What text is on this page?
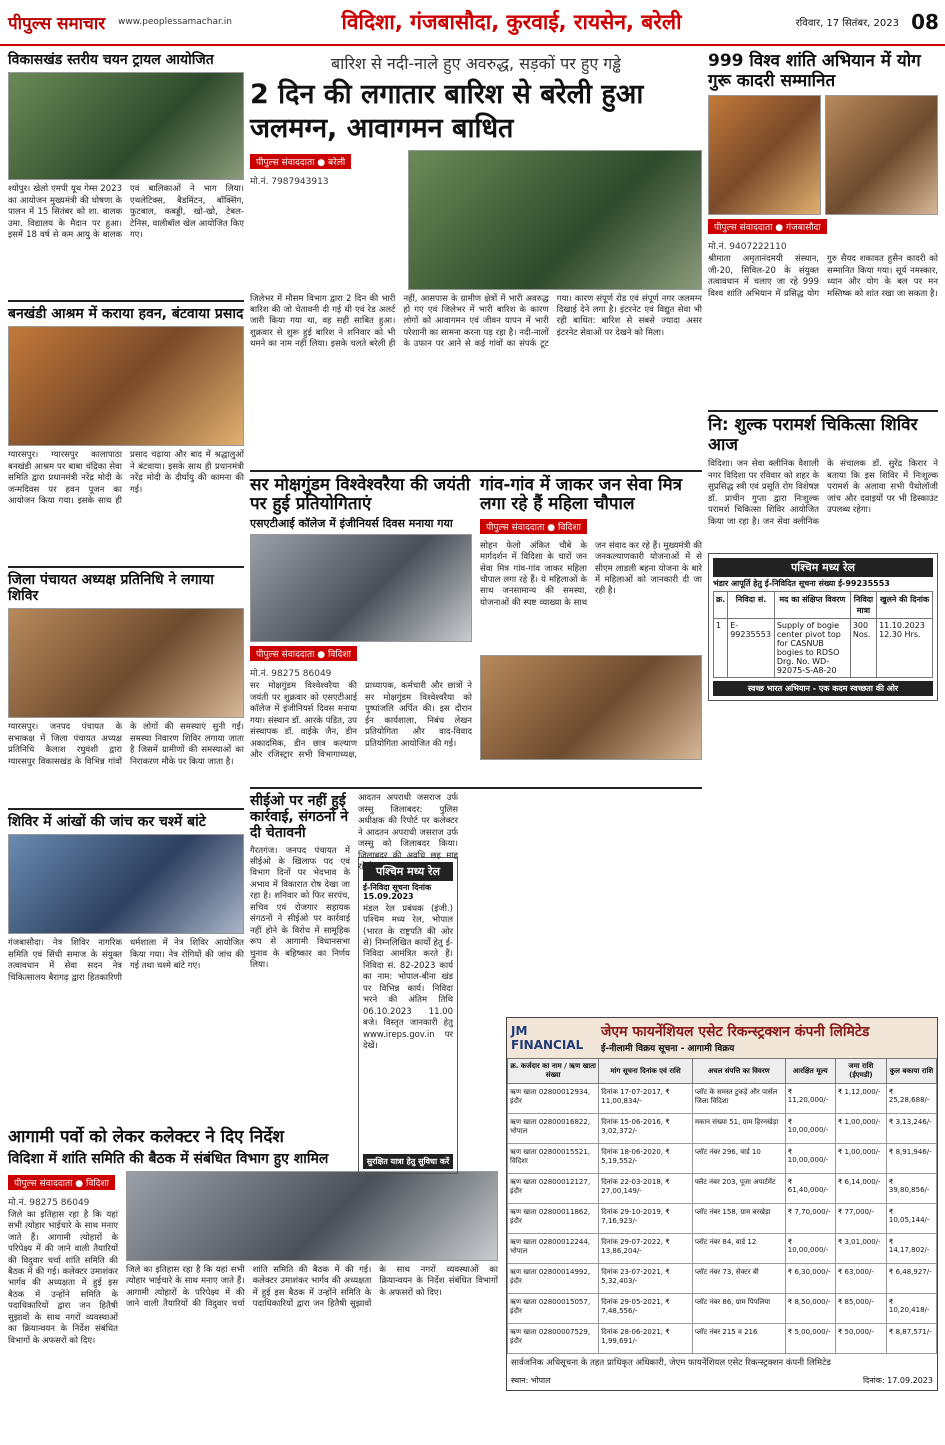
पीपुल्स समाचार	www.peoplessamachar.in	विदिशा, गंजबासौदा, कुरवाई, रायसेन, बरेली	रविवार, 17 सितंबर, 2023 08
विकासखंड स्तरीय चयन ट्रायल आयोजित
श्योपुर। खेलो एमपी यूथ गेम्स 2023 का आयोजन मुख्यमंत्री की घोषणा के पालन में 15 सितंबर को शा. बालक उमा. विद्यालय के मैदान पर हुआ। इसमें 18 वर्ष से कम आयु के बालक एवं बालिकाओं ने भाग लिया। एथलेटिक्स, बैडमिंटन, बॉक्सिंग, फुटबाल, कबड्डी, खो-खो, टेबल-टेनिस, वालीबॉल खेल आयोजित किए गए।
बनखंडी आश्रम में कराया हवन, बंटवाया प्रसाद
ग्यारसपुर। ग्यारसपुर कालापाठा बनखंडी आश्रम पर बाबा चंद्रिका सेवा समिति द्वारा प्रधानमंत्री नरेंद्र मोदी के जन्मदिवस पर हवन पूजन का आयोजन किया गया। इसके साथ ही प्रसाद चढ़ाया और बाद में श्रद्धालुओं ने बंटवाया। इसके साथ ही प्रधानमंत्री नरेंद्र मोदी के दीर्घायु की कामना की गई।
जिला पंचायत अध्यक्ष प्रतिनिधि ने लगाया शिविर
ग्यारसपुर। जनपद पंचायत के सभाकक्ष में जिला पंचायत अध्यक्ष प्रतिनिधि कैलाश रघुवंशी द्वारा ग्यारसपुर विकासखंड के विभिन्न गांवों के लोगों की समस्याएं सुनी गईं। समस्या निवारण शिविर लगाया जाता है जिसमें ग्रामीणों की समस्याओं का निराकरण मौके पर किया जाता है।
शिविर में आंखों की जांच कर चश्में बांटे
गंजबासौदा। नेत्र शिविर नागरिक समिति एवं सिंधी समाज के संयुक्त तत्वावधान में सेवा सदन नेत्र चिकित्सालय बैरागढ़ द्वारा हितकारिणी धर्मशाला में नेत्र शिविर आयोजित किया गया। नेत्र रोगियों की जांच की गई तथा चश्मे बांटे गए।
आगामी पर्वो को लेकर कलेक्टर ने दिए निर्देश
विदिशा में शांति समिति की बैठक में संबंधित विभाग हुए शामिल
पीपुल्स संवाददाता ● विदिशा
मो.नं. 98275 86049
जिले का इतिहास रहा है कि यहां सभी त्योहार भाईचारे के साथ मनाए जाते हैं। आगामी त्योहारों के परिपेक्ष्य में की जाने वाली तैयारियों की विदुवार चर्चा शांति समिति की बैठक में की गई। कलेक्टर उमाशंकर भार्गव की अध्यक्षता में हुई इस बैठक में उन्होंने समिति के पदाधिकारियों द्वारा जन हितैषी सुझावों के साथ नगरों व्यवस्थाओं का क्रियान्वयन के निर्देश संबंधित विभागों के अफसरों को दिए।
जिले का इतिहास रहा है कि यहां सभी त्योहार भाईचारे के साथ मनाए जाते हैं। आगामी त्योहारों के परिपेक्ष्य में की जाने वाली तैयारियों की विदुवार चर्चा शांति समिति की बैठक में की गई। कलेक्टर उमाशंकर भार्गव की अध्यक्षता में हुई इस बैठक में उन्होंने समिति के पदाधिकारियों द्वारा जन हितैषी सुझावों के साथ नगरों व्यवस्थाओं का क्रियान्वयन के निर्देश संबंधित विभागों के अफसरों को दिए।
बारिश से नदी-नाले हुए अवरुद्ध, सड़कों पर हुए गड्ढे
2 दिन की लगातार बारिश से बरेली हुआ जलमग्न, आवागमन बाधित
पीपुल्स संवाददाता ● बरेली
मो.नं. 7987943913
जिलेभर में मौसम विभाग द्वारा 2 दिन की भारी बारिश की जो चेतावनी दी गई थी एवं रेड अलर्ट जारी किया गया था, वह सही साबित हुआ। शुक्रवार से शुरू हुई बारिश ने शनिवार को भी थमने का नाम नहीं लिया। इसके चलते बरेली ही नहीं, आसपास के ग्रामीण क्षेत्रों में भारी अवरुद्ध हो गए एवं जिलेभर में भारी बारिश के कारण लोगों को आवागमन एवं जीवन यापन में भारी परेशानी का सामना करना पड़ रहा है। नदी-नालों के उफान पर आने से कई गांवों का संपर्क टूट गया। कारण संपूर्ण रोड एवं संपूर्ण नगर जलमग्न दिखाई देने लगा है। इंटरनेट एवं विद्युत सेवा भी रही बाधित: बारिश से सबसे ज्यादा असर इंटरनेट सेवाओं पर देखने को मिला।
सर मोक्षगुंडम विश्वेश्वरैया की जयंती पर हुई प्रतियोगिताएं
एसएटीआई कॉलेज में इंजीनियर्स दिवस मनाया गया
पीपुल्स संवाददाता ● विदिशा
मो.नं. 98275 86049
सर मोक्षगुंडम विश्वेश्वरैया की जयंती पर शुक्रवार को एसएटीआई कॉलेज में इंजीनियर्स दिवस मनाया गया। संस्थान डॉ. आरके पंडित, उप संस्थापक डॉ. वाईके जैन, डीन अकादमिक, डीन छात्र कल्याण और रजिस्ट्रार सभी विभागाध्यक्ष, प्राध्यापक, कर्मचारी और छात्रों ने सर मोक्षगुंडम विश्वेश्वरैया को पुष्पांजलि अर्पित की। इस दौरान ईन कार्यशाला, निबंध लेखन प्रतियोगिता और वाद-विवाद प्रतियोगिता आयोजित की गई।
गांव-गांव में जाकर जन सेवा मित्र लगा रहे हैं महिला चौपाल
पीपुल्स संवाददाता ● विदिशा
सोहन फेलो अंकित चौबे के मार्गदर्शन में विदिशा के चारों जन सेवा मित्र गांव-गांव जाकर महिला चौपाल लगा रहे हैं। ये महिलाओं के साथ जनसामान्य की समस्या, योजनाओं की स्पष्ट व्याख्या के साथ जन संवाद कर रहे हैं। मुख्यमंत्री की जनकल्याणकारी योजनाओं में से सीएम लाडली बहना योजना के बारे में महिलाओं को जानकारी दी जा रही है।
सीईओ पर नहीं हुई कार्रवाई, संगठनों ने दी चेतावनी
गैरतगंज। जनपद पंचायत में सीईओ के खिलाफ पद एवं विभाग दिनों पर भेदभाव के अभाव में विकारात रोष देखा जा रहा है। शनिवार को फिर सरपंच, सचिव एवं रोजगार सहायक संगठनों ने सीईओ पर कार्रवाई नहीं होने के विरोध में सामूहिक रूप से आगामी विधानसभा चुनाव के बहिष्कार का निर्णय लिया।
आदतन अपराधी जसराज उर्फ जस्सु जिलाबदर: पुलिस अधीक्षक की रिपोर्ट पर कलेक्टर ने आदतन अपराधी जसराज उर्फ जस्सु को जिलाबदर किया। जिलाबदर की अवधि छह माह रहेगी। पश्चिम मध्य रेल
ई-निविदा सूचना दिनांक 15.09.2023
मंडल रेल प्रबंधक (इंजी.) पश्चिम मध्य रेल, भोपाल (भारत के राष्ट्रपति की ओर से) निम्नलिखित कार्यों हेतु ई-निविदा आमंत्रित करते हैं। निविदा सं. 82-2023 कार्य का नाम: भोपाल-बीना खंड पर विभिन्न कार्य। निविदा भरने की अंतिम तिथि 06.10.2023 11.00 बजे। विस्तृत जानकारी हेतु www.ireps.gov.in पर देखें।
सुरक्षित यात्रा हेतु सुविधा करें
999 विश्व शांति अभियान में योग गुरू कादरी सम्मानित
पीपुल्स संवाददाता ● गंजबासौदा
मो.नं. 9407222110
श्रीमाता अमृतानंदमयी संस्थान, जी-20, सिविल-20 के संयुक्त तत्वावधान में चलाए जा रहे 999 विश्व शांति अभियान में प्रसिद्ध योग गुरु सैयद शकावत हुसैन कादरी को सम्मानित किया गया। सूर्य नमस्कार, ध्यान और योग के बल पर मन मस्तिष्क को शांत रखा जा सकता है।
नि: शुल्क परामर्श चिकित्सा शिविर आज
विदिशा। जन सेवा क्लीनिक वैशाली नगर विदिशा पर रविवार को शहर के सुप्रसिद्ध स्त्री एवं प्रसूति रोग विशेषज्ञ डॉ. प्राचीन गुप्ता द्वारा निःशुल्क परामर्श चिकित्सा शिविर आयोजित किया जा रहा है। जन सेवा क्लीनिक के संचालक डॉ. सुरेंद्र किरार ने बताया कि इस शिविर में निःशुल्क परामर्श के अलावा सभी पैथोलॉजी जांच और दवाइयों पर भी डिस्काउंट उपलब्ध रहेगा।
पश्चिम मध्य रेल
भंडार आपूर्ति हेतु ई-निविदित सूचना संख्या ई-99235553
क्र.	निविदा सं.	मद का संक्षिप्त विवरण	निविदा मात्रा	खुलने की दिनांक
1	E-99235553	Supply of bogie center pivot top for CASNUB bogies to RDSO Drg. No. WD-92075-S-A8-20	300 Nos.	11.10.2023 12.30 Hrs.
स्वच्छ भारत अभियान - एक कदम स्वच्छता की ओर
JM FINANCIAL
जेएम फायनेंशियल एसेट रिकन्स्ट्रक्शन कंपनी लिमिटेड
ई-नीलामी विक्रय सूचना - आगामी विक्रय
क्र. कर्जदार का नाम / ऋण खाता संख्या	मांग सूचना दिनांक एवं राशि	अचल संपत्ति का विवरण	आरक्षित मूल्य	जमा राशि (ईएमडी)	कुल बकाया राशि
ऋण खाता 02800012934, इंदौर	दिनांक 17-07-2017, ₹ 11,00,834/-	प्लॉट के समस्त टुकड़े और पार्सल जिला विदिशा	₹ 11,20,000/-	₹ 1,12,000/-	₹ 25,28,688/-
ऋण खाता 02800016822, भोपाल	दिनांक 15-06-2016, ₹ 3,02,372/-	मकान संख्या 51, ग्राम हिरनखेड़ा	₹ 10,00,000/-	₹ 1,00,000/-	₹ 3,13,246/-
ऋण खाता 02800015521, विदिशा	दिनांक 18-06-2020, ₹ 5,19,552/-	प्लॉट नंबर 296, वार्ड 10	₹ 10,00,000/-	₹ 1,00,000/-	₹ 8,91,946/-
ऋण खाता 02800012127, इंदौर	दिनांक 22-03-2018, ₹ 27,00,149/-	फ्लैट नंबर 203, पूजा अपार्टमेंट	₹ 61,40,000/-	₹ 6,14,000/-	₹ 39,80,856/-
ऋण खाता 02800011862, इंदौर	दिनांक 29-10-2019, ₹ 7,16,923/-	प्लॉट नंबर 158, ग्राम बरखेड़ा	₹ 7,70,000/-	₹ 77,000/-	₹ 10,05,144/-
ऋण खाता 02800012244, भोपाल	दिनांक 29-07-2022, ₹ 13,86,204/-	प्लॉट नंबर 84, वार्ड 12	₹ 10,00,000/-	₹ 3,01,000/-	₹ 14,17,802/-
ऋण खाता 02800014992, इंदौर	दिनांक 23-07-2021, ₹ 5,32,403/-	प्लॉट नंबर 73, सेक्टर बी	₹ 6,30,000/-	₹ 63,000/-	₹ 6,48,927/-
ऋण खाता 02800015057, इंदौर	दिनांक 29-05-2021, ₹ 7,48,556/-	प्लॉट नंबर 86, ग्राम पिपलिया	₹ 8,50,000/-	₹ 85,000/-	₹ 10,20,418/-
ऋण खाता 02800007529, इंदौर	दिनांक 28-06-2021, ₹ 1,99,691/-	प्लॉट नंबर 215 व 216	₹ 5,00,000/-	₹ 50,000/-	₹ 8,87,571/-
सार्वजनिक अधिसूचना के तहत प्राधिकृत अधिकारी, जेएम फायनेंशियल एसेट रिकन्स्ट्रक्शन कंपनी लिमिटेड
स्थान: भोपाल	दिनांक: 17.09.2023
